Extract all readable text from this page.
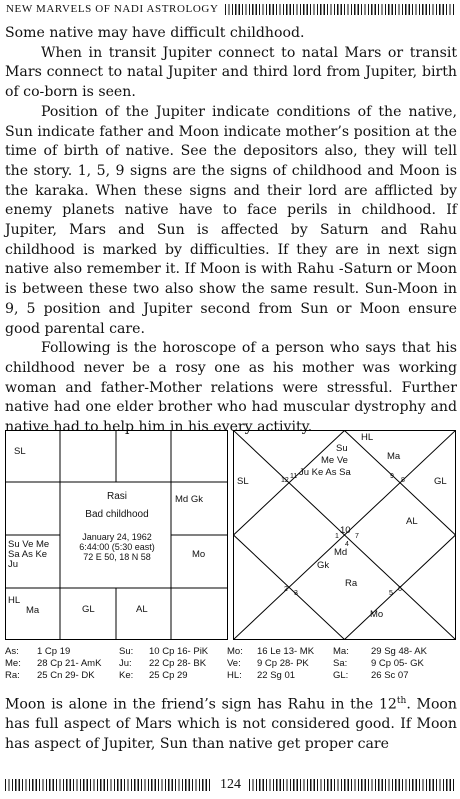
NEW MARVELS OF NADI ASTROLOGY

Some native may have difficult childhood.

When in transit Jupiter connect to natal Mars or transit Mars connect to natal Jupiter and third lord from Jupiter, birth of co-born is seen.

Position of the Jupiter indicate conditions of the native, Sun indicate father and Moon indicate mother’s position at the time of birth of native. See the depositors also, they will tell the story. 1, 5, 9 signs are the signs of childhood and Moon is the karaka. When these signs and their lord are afflicted by enemy planets native have to face perils in childhood. If Jupiter, Mars and Sun is affected by Saturn and Rahu childhood is marked by difficulties. If they are in next sign native also remember it. If Moon is with Rahu -Saturn or Moon is between these two also show the same result. Sun-Moon in 9, 5 position and Jupiter second from Sun or Moon ensure good parental care.

Following is the horoscope of a person who says that his childhood never be a rosy one as his mother was working woman and father-Mother relations were stressful. Further native had one elder brother who had muscular dystrophy and native had to help him in his every activity.

SL
Md Gk
Su Ve Me
Sa As Ke
Ju
Mo
HL
Ma	GL	AL
Rasi
Bad childhood
January 24, 1962
6:44:00 (5:30 east)
72 E 50, 18 N 58
HL
Su
Ma
Me Ve
Ju Ke As Sa
SL	GL
AL
Md
Gk
Ra
Mo
12
11	9
8
10
1 7
4
2
3	5
6
As:	1 Cp 19	Su:	10 Cp 16- PiK	Mo:	16 Le 13- MK	Ma:	29 Sg 48- AK
Me:	28 Cp 21- AmK	Ju:	22 Cp 28- BK	Ve:	9 Cp 28- PK	Sa:	9 Cp 05- GK
Ra:	25 Cn 29- DK	Ke:	25 Cp 29	HL:	22 Sg 01	GL:	26 Sc 07

Moon is alone in the friend’s sign has Rahu in the 12th. Moon has full aspect of Mars which is not considered good. If Moon has aspect of Jupiter, Sun than native get proper care

124
